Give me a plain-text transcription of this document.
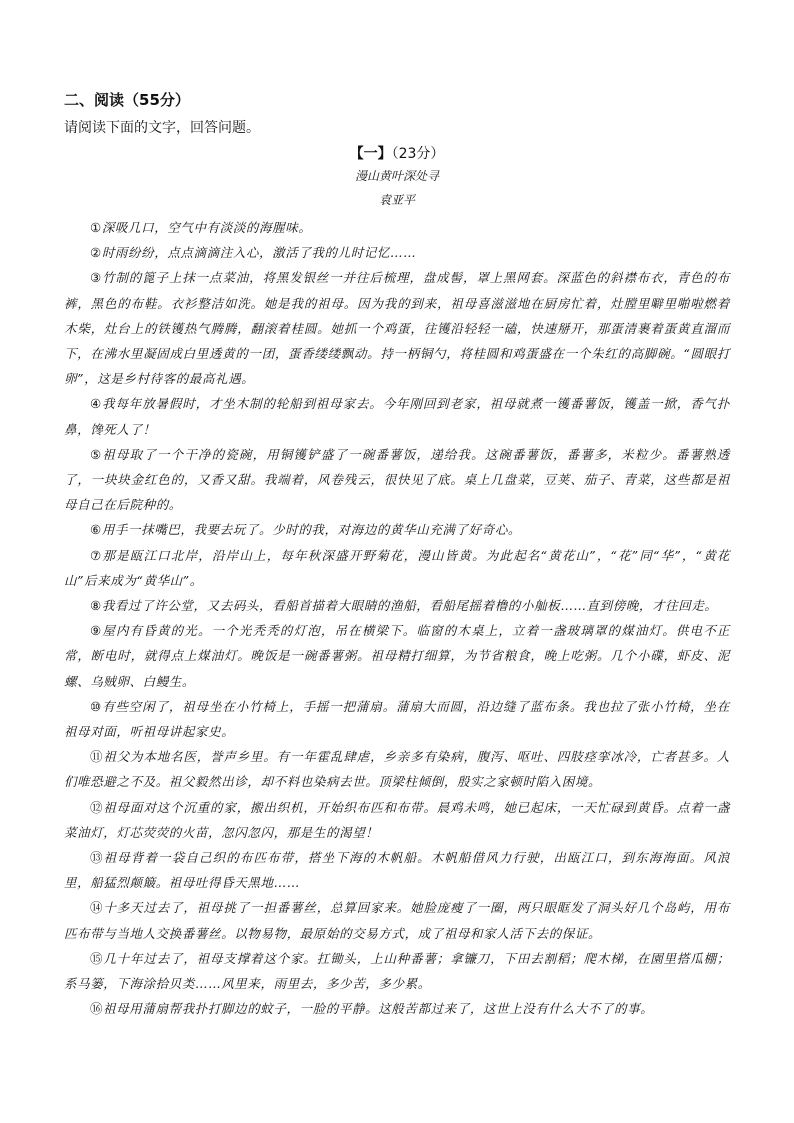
二、阅读（55分）
请阅读下面的文字，回答问题。
【一】（23分）
漫山黄叶深处寻
袁亚平

①深吸几口，空气中有淡淡的海腥味。

②时雨纷纷，点点滴滴注入心，激活了我的儿时记忆……

③竹制的篦子上抹一点菜油，将黑发银丝一并往后梳理，盘成髻，罩上黑网套。深蓝色的斜襟布衣，青色的布裤，黑色的布鞋。衣衫整洁如洗。她是我的祖母。因为我的到来，祖母喜滋滋地在厨房忙着，灶膛里噼里啪啦燃着木柴，灶台上的铁镬热气腾腾，翻滚着桂圆。她抓一个鸡蛋，往镬沿轻轻一磕，快速掰开，那蛋清裹着蛋黄直溜而下，在沸水里凝固成白里透黄的一团，蛋香缕缕飘动。持一柄铜勺，将桂圆和鸡蛋盛在一个朱红的高脚碗。“圆眼打卵”，这是乡村待客的最高礼遇。

④我每年放暑假时，才坐木制的轮船到祖母家去。今年刚回到老家，祖母就煮一镬番薯饭，镬盖一掀，香气扑鼻，馋死人了！

⑤祖母取了一个干净的瓷碗，用铜镬铲盛了一碗番薯饭，递给我。这碗番薯饭，番薯多，米粒少。番薯熟透了，一块块金红色的，又香又甜。我端着，风卷残云，很快见了底。桌上几盘菜，豆荚、茄子、青菜，这些都是祖母自己在后院种的。

⑥用手一抹嘴巴，我要去玩了。少时的我，对海边的黄华山充满了好奇心。

⑦那是瓯江口北岸，沿岸山上，每年秋深盛开野菊花，漫山皆黄。为此起名“黄花山”，“花”同“华”，“黄花山”后来成为“黄华山”。

⑧我看过了许公堂，又去码头，看船首描着大眼睛的渔船，看船尾摇着橹的小舢板……直到傍晚，才往回走。

⑨屋内有昏黄的光。一个光秃秃的灯泡，吊在横梁下。临窗的木桌上，立着一盏玻璃罩的煤油灯。供电不正常，断电时，就得点上煤油灯。晚饭是一碗番薯粥。祖母精打细算，为节省粮食，晚上吃粥。几个小碟，虾皮、泥螺、乌贼卵、白鳗生。

⑩有些空闲了，祖母坐在小竹椅上，手摇一把蒲扇。蒲扇大而圆，沿边缝了蓝布条。我也拉了张小竹椅，坐在祖母对面，听祖母讲起家史。

⑪祖父为本地名医，誉声乡里。有一年霍乱肆虐，乡亲多有染病，腹泻、呕吐、四肢痉挛冰冷，亡者甚多。人们唯恐避之不及。祖父毅然出诊，却不料也染病去世。顶梁柱倾倒，殷实之家顿时陷入困境。

⑫祖母面对这个沉重的家，搬出织机，开始织布匹和布带。晨鸡未鸣，她已起床，一天忙碌到黄昏。点着一盏菜油灯，灯芯荧荧的火苗，忽闪忽闪，那是生的渴望！

⑬祖母背着一袋自己织的布匹布带，搭坐下海的木帆船。木帆船借风力行驶，出瓯江口，到东海海面。风浪里，船猛烈颠簸。祖母吐得昏天黑地……

⑭十多天过去了，祖母挑了一担番薯丝，总算回家来。她脸庞瘦了一圈，两只眼眶发了洞头好几个岛屿，用布匹布带与当地人交换番薯丝。以物易物，最原始的交易方式，成了祖母和家人活下去的保证。

⑮几十年过去了，祖母支撑着这个家。扛锄头，上山种番薯；拿镰刀，下田去割稻；爬木梯，在園里搭瓜棚；系马篓，下海涂拾贝类……风里来，雨里去，多少苦，多少累。

⑯祖母用蒲扇帮我扑打脚边的蚊子，一脸的平静。这般苦都过来了，这世上没有什么大不了的事。
